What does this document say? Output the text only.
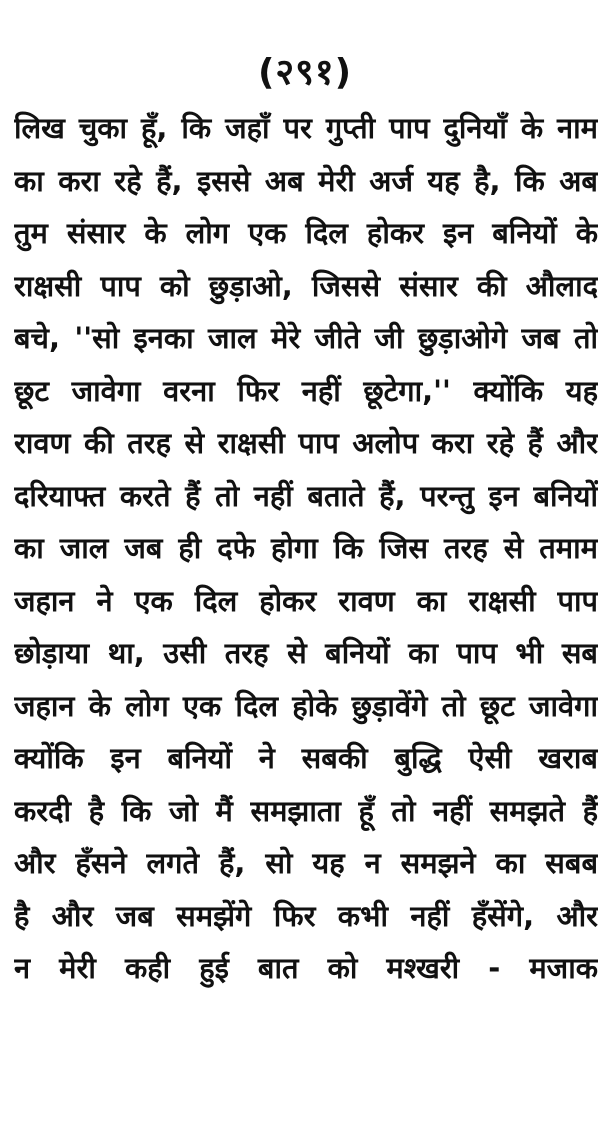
(२९१)
लिख चुका हूँ, कि जहाँ पर गुप्ती पाप दुनियाँ के नाम
का करा रहे हैं, इससे अब मेरी अर्ज यह है, कि अब
तुम संसार के लोग एक दिल होकर इन बनियों के
राक्षसी पाप को छुड़ाओ, जिससे संसार की औलाद
बचे, ''सो इनका जाल मेरे जीते जी छुड़ाओगे जब तो
छूट जावेगा वरना फिर नहीं छूटेगा,'' क्योंकि यह
रावण की तरह से राक्षसी पाप अलोप करा रहे हैं और
दरियाफ्त करते हैं तो नहीं बताते हैं, परन्तु इन बनियों
का जाल जब ही दफे होगा कि जिस तरह से तमाम
जहान ने एक दिल होकर रावण का राक्षसी पाप
छोड़ाया था, उसी तरह से बनियों का पाप भी सब
जहान के लोग एक दिल होके छुड़ावेंगे तो छूट जावेगा
क्योंकि इन बनियों ने सबकी बुद्धि ऐसी खराब
करदी है कि जो मैं समझाता हूँ तो नहीं समझते हैं
और हँसने लगते हैं, सो यह न समझने का सबब
है और जब समझेंगे फिर कभी नहीं हँसेंगे, और
न मेरी कही हुई बात को मश्खरी - मजाक
